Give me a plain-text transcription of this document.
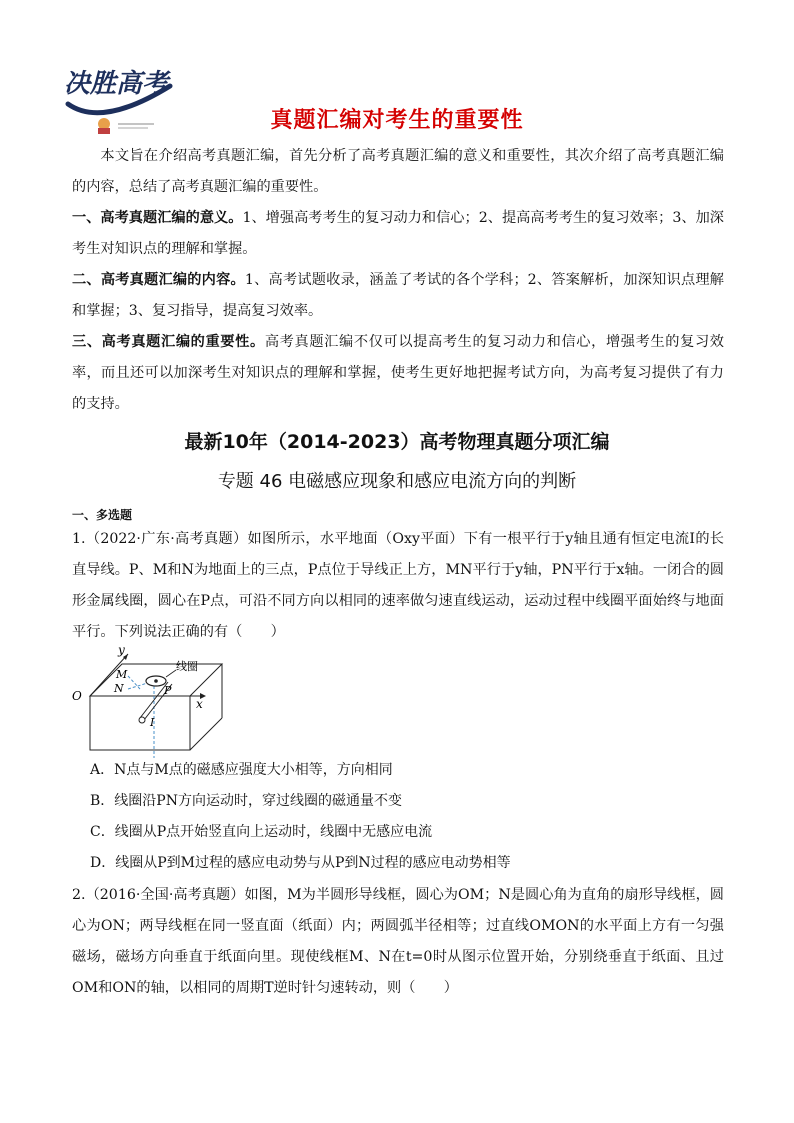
决胜高考
真题汇编对考生的重要性

本文旨在介绍高考真题汇编，首先分析了高考真题汇编的意义和重要性，其次介绍了高考真题汇编的内容，总结了高考真题汇编的重要性。

一、高考真题汇编的意义。1、增强高考考生的复习动力和信心；2、提高高考考生的复习效率；3、加深考生对知识点的理解和掌握。

二、高考真题汇编的内容。1、高考试题收录，涵盖了考试的各个学科；2、答案解析，加深知识点理解和掌握；3、复习指导，提高复习效率。

三、高考真题汇编的重要性。高考真题汇编不仅可以提高考生的复习动力和信心，增强考生的复习效率，而且还可以加深考生对知识点的理解和掌握，使考生更好地把握考试方向，为高考复习提供了有力的支持。

最新10年（2014-2023）高考物理真题分项汇编
专题 46 电磁感应现象和感应电流方向的判断
一、多选题

1.（2022·广东·高考真题）如图所示，水平地面（Oxy平面）下有一根平行于y轴且通有恒定电流I的长直导线。P、M和N为地面上的三点，P点位于导线正上方，MN平行于y轴，PN平行于x轴。一闭合的圆形金属线圈，圆心在P点，可沿不同方向以相同的速率做匀速直线运动，运动过程中线圈平面始终与地面平行。下列说法正确的有（　　）

y
x
O
M
N	P
I
线圈
A．N点与M点的磁感应强度大小相等，方向相同
B．线圈沿PN方向运动时，穿过线圈的磁通量不变
C．线圈从P点开始竖直向上运动时，线圈中无感应电流
D．线圈从P到M过程的感应电动势与从P到N过程的感应电动势相等

2.（2016·全国·高考真题）如图，M为半圆形导线框，圆心为OM；N是圆心角为直角的扇形导线框，圆心为ON；两导线框在同一竖直面（纸面）内；两圆弧半径相等；过直线OMON的水平面上方有一匀强磁场，磁场方向垂直于纸面向里。现使线框M、N在t=0时从图示位置开始，分别绕垂直于纸面、且过OM和ON的轴，以相同的周期T逆时针匀速转动，则（　　）
